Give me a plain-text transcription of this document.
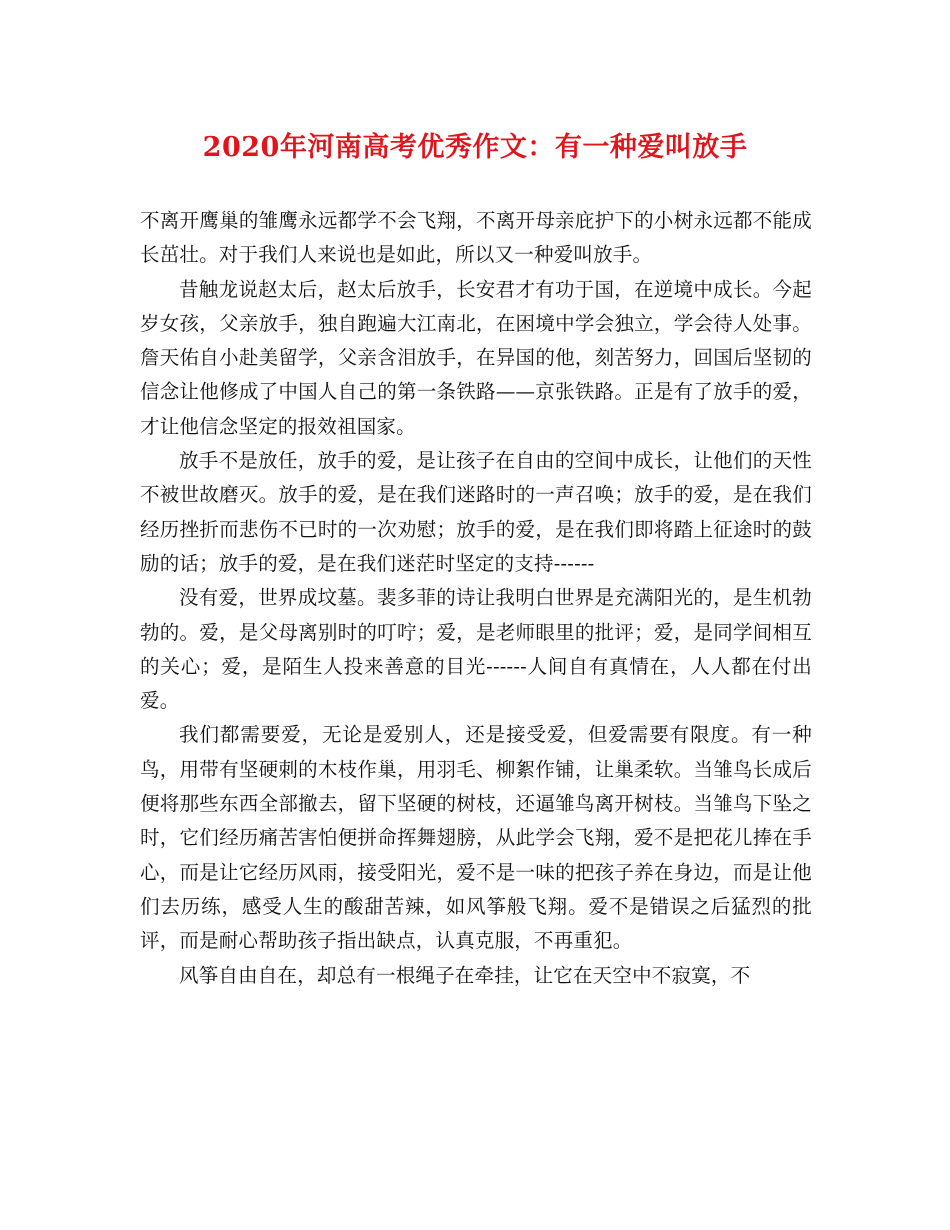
2020年河南高考优秀作文：有一种爱叫放手

不离开鹰巢的雏鹰永远都学不会飞翔，不离开母亲庇护下的小树永远都不能成长茁壮。对于我们人来说也是如此，所以又一种爱叫放手。

昔触龙说赵太后，赵太后放手，长安君才有功于国，在逆境中成长。今起岁女孩，父亲放手，独自跑遍大江南北，在困境中学会独立，学会待人处事。詹天佑自小赴美留学，父亲含泪放手，在异国的他，刻苦努力，回国后坚韧的信念让他修成了中国人自己的第一条铁路——京张铁路。正是有了放手的爱，才让他信念坚定的报效祖国家。

放手不是放任，放手的爱，是让孩子在自由的空间中成长，让他们的天性不被世故磨灭。放手的爱，是在我们迷路时的一声召唤；放手的爱，是在我们经历挫折而悲伤不已时的一次劝慰；放手的爱，是在我们即将踏上征途时的鼓励的话；放手的爱，是在我们迷茫时坚定的支持------

没有爱，世界成坟墓。裴多菲的诗让我明白世界是充满阳光的，是生机勃勃的。爱，是父母离别时的叮咛；爱，是老师眼里的批评；爱，是同学间相互的关心；爱，是陌生人投来善意的目光------人间自有真情在，人人都在付出爱。

我们都需要爱，无论是爱别人，还是接受爱，但爱需要有限度。有一种鸟，用带有坚硬刺的木枝作巢，用羽毛、柳絮作铺，让巢柔软。当雏鸟长成后便将那些东西全部撤去，留下坚硬的树枝，还逼雏鸟离开树枝。当雏鸟下坠之时，它们经历痛苦害怕便拼命挥舞翅膀，从此学会飞翔，爱不是把花儿捧在手心，而是让它经历风雨，接受阳光，爱不是一味的把孩子养在身边，而是让他们去历练，感受人生的酸甜苦辣，如风筝般飞翔。爱不是错误之后猛烈的批评，而是耐心帮助孩子指出缺点，认真克服，不再重犯。

风筝自由自在，却总有一根绳子在牵挂，让它在天空中不寂寞，不
